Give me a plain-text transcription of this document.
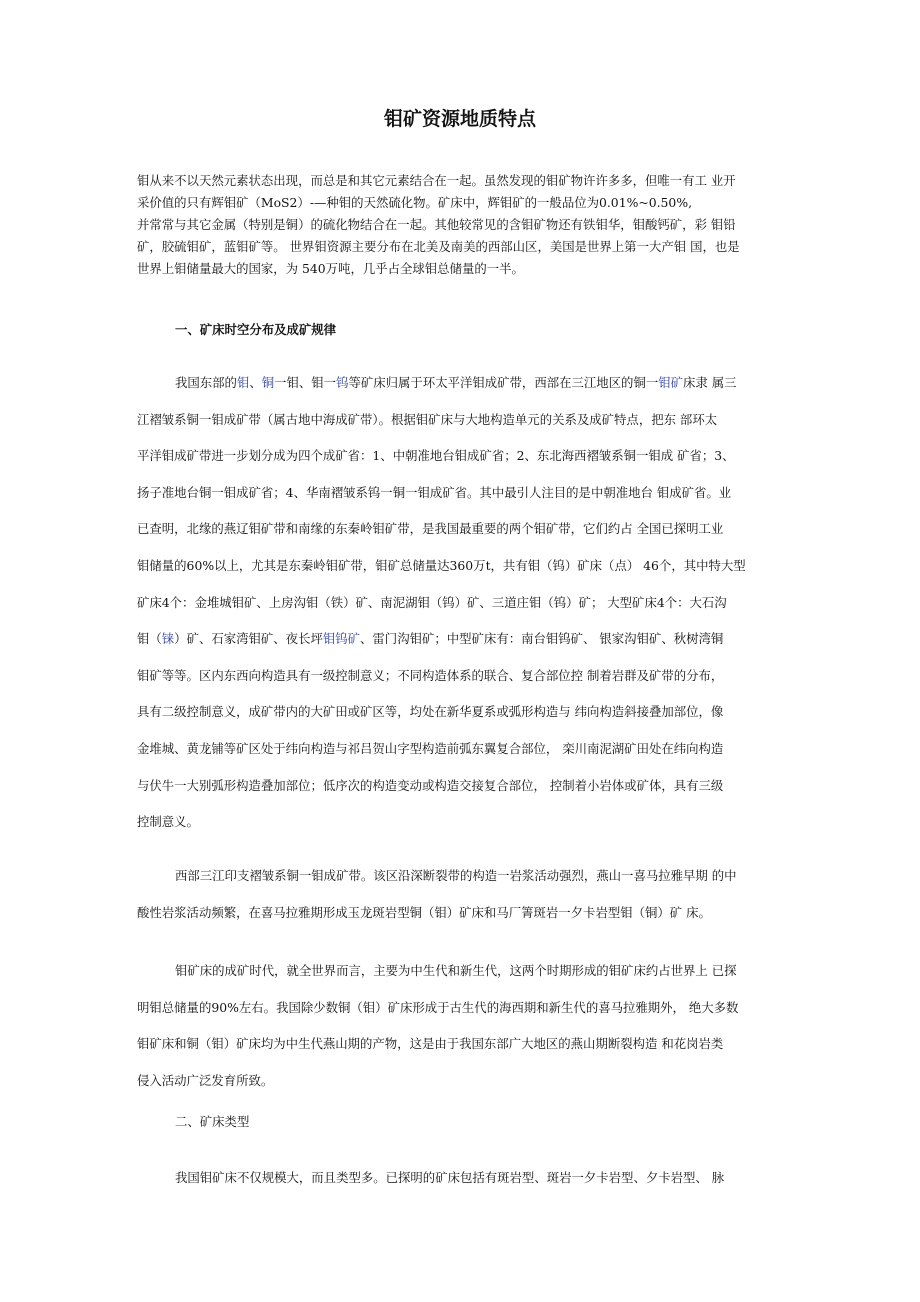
钼矿资源地质特点
钼从来不以天然元素状态出现，而总是和其它元素结合在一起。虽然发现的钼矿物许许多多，但唯一有工 业开
采价值的只有辉钼矿（MoS2）-—种钼的天然硫化物。矿床中，辉钼矿的一般品位为0.01%~0.50%,
并常常与其它金属（特别是铜）的硫化物结合在一起。其他较常见的含钼矿物还有铁钼华，钼酸钙矿，彩 钼铅
矿，胶硫钼矿，蓝钼矿等。 世界钼资源主要分布在北美及南美的西部山区，美国是世界上第一大产钼 国，也是
世界上钼储量最大的国家，为 540万吨，几乎占全球钼总储量的一半。
一、矿床时空分布及成矿规律
我国东部的钼、铜一钼、钼一钨等矿床归属于环太平洋钼成矿带，西部在三江地区的铜一钼矿床隶 属三
江褶皱系铜一钼成矿带（属古地中海成矿带）。根据钼矿床与大地构造单元的关系及成矿特点，把东 部环太
平洋钼成矿带进一步划分成为四个成矿省：1、中朝准地台钼成矿省；2、东北海西褶皱系铜一钼成 矿省；3、
扬子准地台铜一钼成矿省；4、华南褶皱系钨一铜一钼成矿省。其中最引人注目的是中朝准地台 钼成矿省。业
已查明，北缘的燕辽钼矿带和南缘的东秦岭钼矿带，是我国最重要的两个钼矿带，它们约占 全国已探明工业
钼储量的60%以上，尤其是东秦岭钼矿带，钼矿总储量达360万t，共有钼（钨）矿床（点） 46个，其中特大型
矿床4个：金堆城钼矿、上房沟钼（铁）矿、南泥湖钼（钨）矿、三道庄钼（钨）矿； 大型矿床4个：大石沟
钼（铼）矿、石家湾钼矿、夜长坪钼钨矿、雷门沟钼矿；中型矿床有：南台钼钨矿、 银家沟钼矿、秋树湾铜
钼矿等等。区内东西向构造具有一级控制意义；不同构造体系的联合、复合部位控 制着岩群及矿带的分布，
具有二级控制意义，成矿带内的大矿田或矿区等，均处在新华夏系或弧形构造与 纬向构造斜接叠加部位，像
金堆城、黄龙铺等矿区处于纬向构造与祁吕贺山字型构造前弧东翼复合部位， 栾川南泥湖矿田处在纬向构造
与伏牛一大别弧形构造叠加部位；低序次的构造变动或构造交接复合部位， 控制着小岩体或矿体，具有三级
控制意义。
西部三江印支褶皱系铜一钼成矿带。该区沿深断裂带的构造一岩浆活动强烈，燕山一喜马拉雅早期 的中
酸性岩浆活动频繁，在喜马拉雅期形成玉龙斑岩型铜（钼）矿床和马厂箐斑岩一夕卡岩型钼（铜）矿 床。
钼矿床的成矿时代，就全世界而言，主要为中生代和新生代，这两个时期形成的钼矿床约占世界上 已探
明钼总储量的90%左右。我国除少数铜（钼）矿床形成于古生代的海西期和新生代的喜马拉雅期外， 绝大多数
钼矿床和铜（钼）矿床均为中生代燕山期的产物，这是由于我国东部广大地区的燕山期断裂构造 和花岗岩类
侵入活动广泛发育所致。
二、矿床类型
我国钼矿床不仅规模大，而且类型多。已探明的矿床包括有斑岩型、斑岩一夕卡岩型、夕卡岩型、 脉
